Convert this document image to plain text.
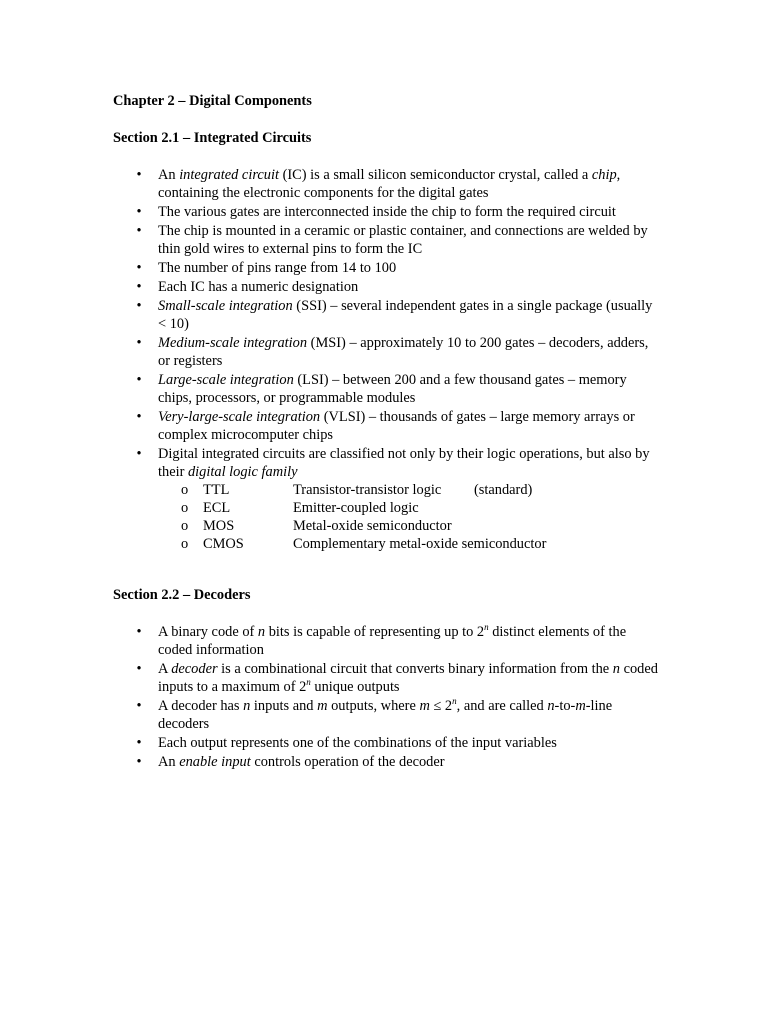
Chapter 2 – Digital Components
Section 2.1 – Integrated Circuits
• An integrated circuit (IC) is a small silicon semiconductor crystal, called a chip, containing the electronic components for the digital gates
• The various gates are interconnected inside the chip to form the required circuit
• The chip is mounted in a ceramic or plastic container, and connections are welded by thin gold wires to external pins to form the IC
• The number of pins range from 14 to 100
• Each IC has a numeric designation
• Small-scale integration (SSI) – several independent gates in a single package (usually < 10)
• Medium-scale integration (MSI) – approximately 10 to 200 gates – decoders, adders, or registers
• Large-scale integration (LSI) – between 200 and a few thousand gates – memory chips, processors, or programmable modules
• Very-large-scale integration (VLSI) – thousands of gates – large memory arrays or complex microcomputer chips
• Digital integrated circuits are classified not only by their logic operations, but also by their digital logic family
o TTL	Transistor-transistor logic (standard)
o ECL	Emitter-coupled logic
o MOS	Metal-oxide semiconductor
o CMOS	Complementary metal-oxide semiconductor
Section 2.2 – Decoders
• A binary code of n bits is capable of representing up to 2$^n$ distinct elements of the coded information
• A decoder is a combinational circuit that converts binary information from the n coded inputs to a maximum of 2$^n$ unique outputs
• A decoder has n inputs and m outputs, where $m \le 2^n$, and are called n-to-m-line decoders
• Each output represents one of the combinations of the input variables
• An enable input controls operation of the decoder
